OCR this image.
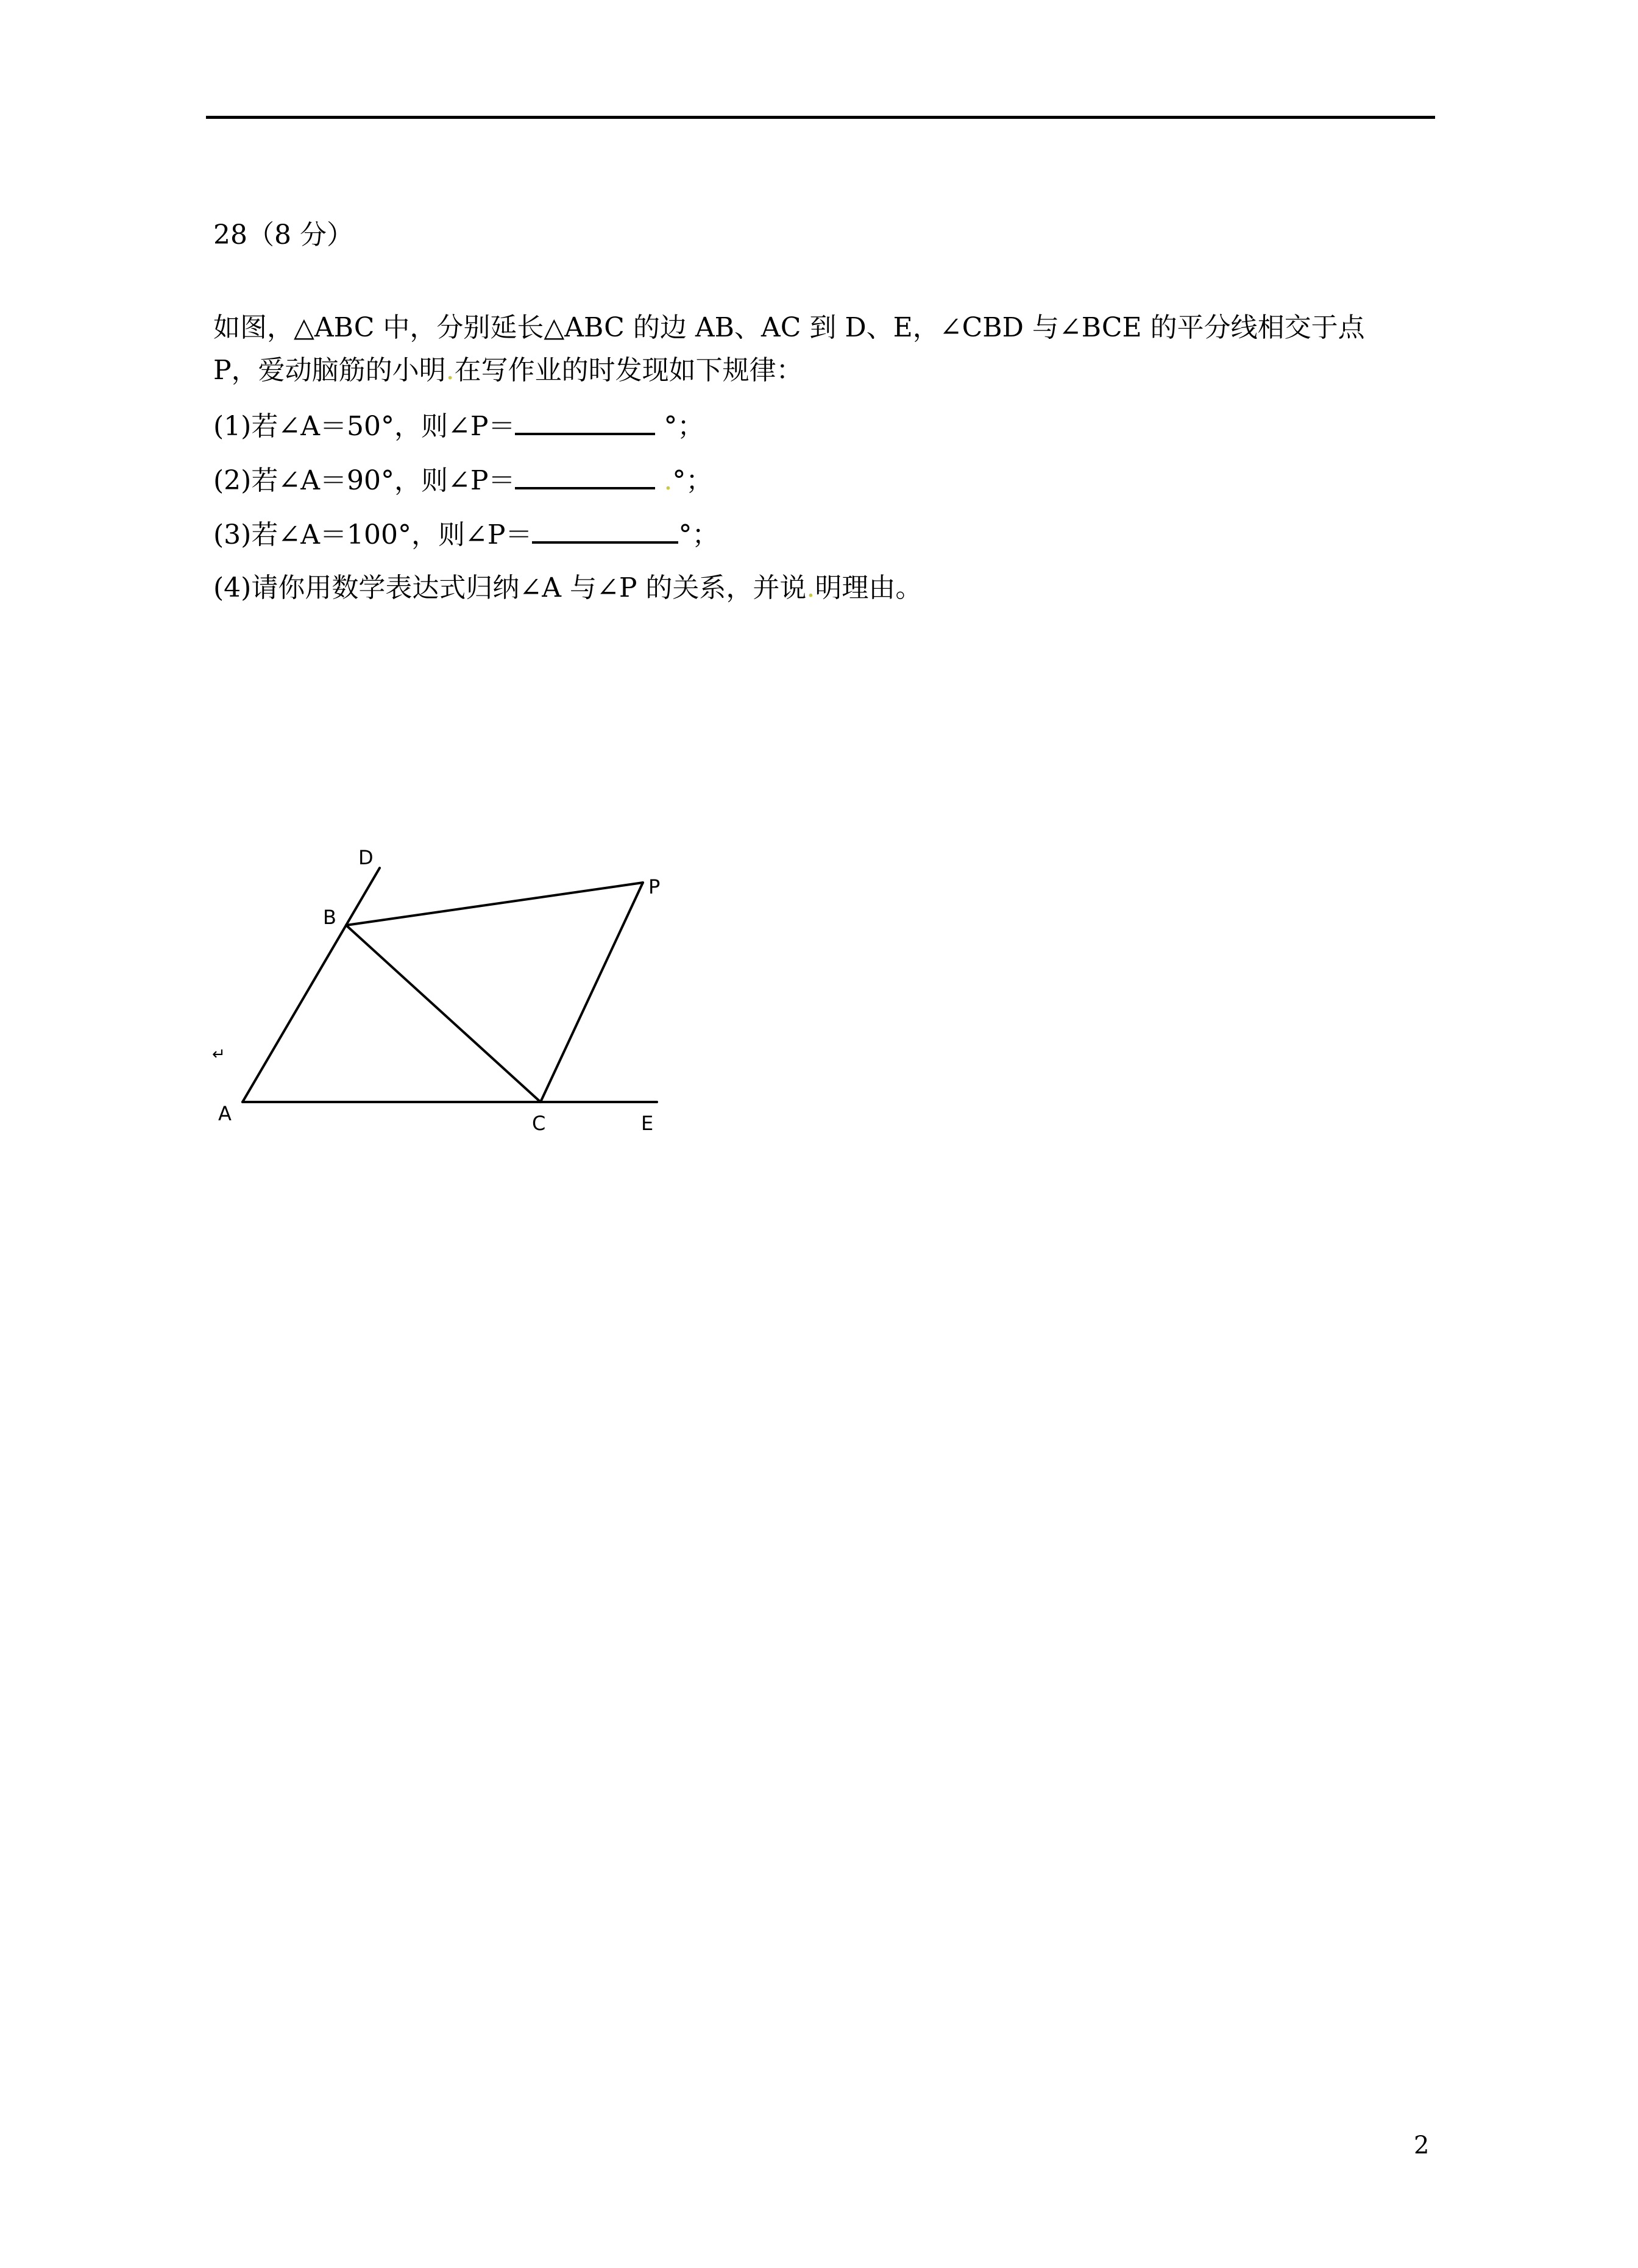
28（8 分）
如图，△ABC 中，分别延长△ABC 的边 AB、AC 到 D、E，∠CBD 与∠BCE 的平分线相交于点
P，爱动脑筋的小明.在写作业的时发现如下规律：
(1)若∠A＝50°，则∠P＝	°；
(2)若∠A＝90°，则∠P＝	.°；
(3)若∠A＝100°，则∠P＝	°；
(4)请你用数学表达式归纳∠A 与∠P 的关系，并说.明理由。
D
B
P
A	C	E
↵
2
